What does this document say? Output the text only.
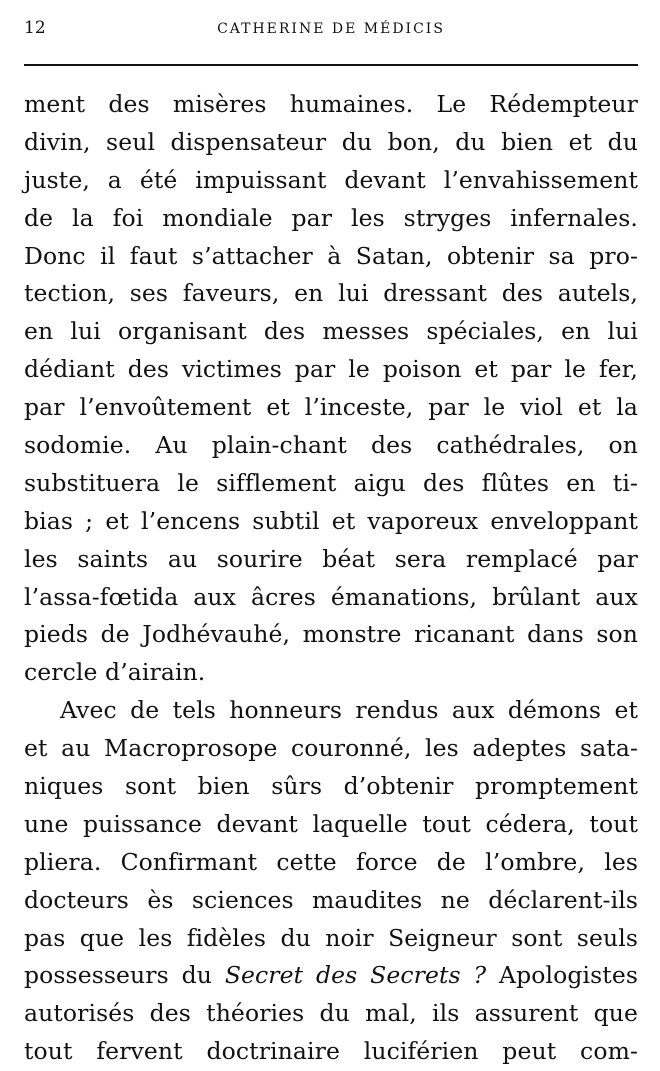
12	CATHERINE DE MÉDICIS

ment des misères humaines. Le Rédempteur
divin, seul dispensateur du bon, du bien et du
juste, a été impuissant devant l’envahissement
de la foi mondiale par les stryges infernales.
Donc il faut s’attacher à Satan, obtenir sa pro-
tection, ses faveurs, en lui dressant des autels,
en lui organisant des messes spéciales, en lui
dédiant des victimes par le poison et par le fer,
par l’envoûtement et l’inceste, par le viol et la
sodomie. Au plain-chant des cathédrales, on
substituera le sifflement aigu des flûtes en ti-
bias ; et l’encens subtil et vaporeux enveloppant
les saints au sourire béat sera remplacé par
l’assa-fœtida aux âcres émanations, brûlant aux
pieds de Jodhévauhé, monstre ricanant dans son
cercle d’airain.

Avec de tels honneurs rendus aux démons et
et au Macroprosope couronné, les adeptes sata-
niques sont bien sûrs d’obtenir promptement
une puissance devant laquelle tout cédera, tout
pliera. Confirmant cette force de l’ombre, les
docteurs ès sciences maudites ne déclarent-ils
pas que les fidèles du noir Seigneur sont seuls
possesseurs du Secret des Secrets ? Apologistes
autorisés des théories du mal, ils assurent que
tout fervent doctrinaire luciférien peut com-
